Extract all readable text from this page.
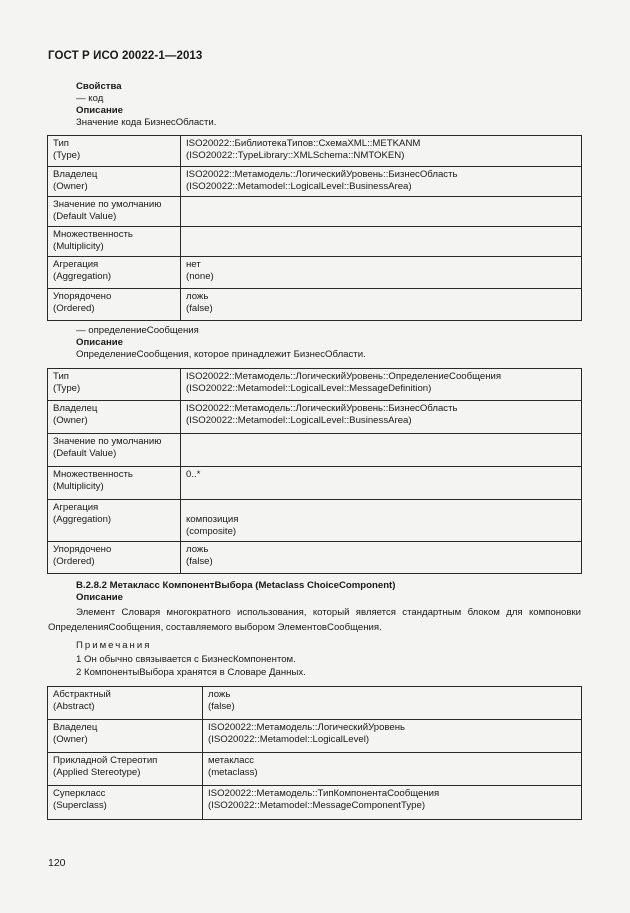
ГОСТ Р ИСО 20022-1—2013
Свойства
— код
Описание
Значение кода БизнесОбласти.
Тип
(Type)	ISO20022::БиблиотекаТипов::СхемаXML::METKANM
(ISO20022::TypeLibrary::XMLSchema::NMTOKEN)

Владелец
(Owner)	ISO20022::Метамодель::ЛогическийУровень::БизнесОбласть
(ISO20022::Metamodel::LogicalLevel::BusinessArea)

Значение по умолчанию
(Default Value)	

Множественность
(Multiplicity)	

Агрегация
(Aggregation)	нет
(none)

Упорядочено
(Ordered)	ложь
(false)
— определениеСообщения
Описание
ОпределениеСообщения, которое принадлежит БизнесОбласти.
Тип
(Type)	ISO20022::Метамодель::ЛогическийУровень::ОпределениеСообщения
(ISO20022::Metamodel::LogicalLevel::MessageDefinition)

Владелец
(Owner)	ISO20022::Метамодель::ЛогическийУровень::БизнесОбласть
(ISO20022::Metamodel::LogicalLevel::BusinessArea)

Значение по умолчанию
(Default Value)	

Множественность
(Multiplicity)	0..*

Агрегация
(Aggregation)	композиция
(composite)

Упорядочено
(Ordered)	ложь
(false)
В.2.8.2 Метакласс КомпонентВыбора (Metaclass ChoiceComponent)
Описание
Элемент Словаря многократного использования, который является стандартным блоком для компоновки ОпределенияСообщения, составляемого выбором ЭлементовСообщения.
Примечания
1 Он обычно связывается с БизнесКомпонентом.
2 КомпонентыВыбора хранятся в Словаре Данных.
Абстрактный
(Abstract)	ложь
(false)

Владелец
(Owner)	ISO20022::Метамодель::ЛогическийУровень
(ISO20022::Metamodel::LogicalLevel)

Прикладной Стереотип
(Applied Stereotype)	метакласс
(metaclass)

Суперкласс
(Superclass)	ISO20022::Метамодель::ТипКомпонентаСообщения
(ISO20022::Metamodel::MessageComponentType)
120
